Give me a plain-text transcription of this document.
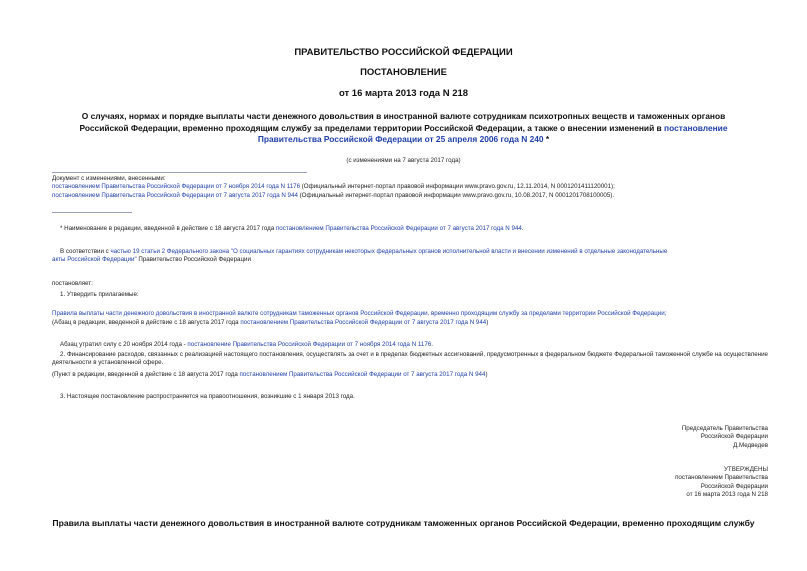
ПРАВИТЕЛЬСТВО РОССИЙСКОЙ ФЕДЕРАЦИИ
ПОСТАНОВЛЕНИЕ
от 16 марта 2013 года N 218
О случаях, нормах и порядке выплаты части денежного довольствия в иностранной валюте сотрудникам психотропных веществ и таможенных органов
Российской Федерации, временно проходящим службу за пределами территории Российской Федерации, а также о внесении изменений в постановление
Правительства Российской Федерации от 25 апреля 2006 года N 240 *
(с изменениями на 7 августа 2017 года)
Документ с изменениями, внесенными:
постановлением Правительства Российской Федерации от 7 ноября 2014 года N 1176 (Официальный интернет-портал правовой информации www.pravo.gov.ru, 12.11.2014, N 0001201411120001);
постановлением Правительства Российской Федерации от 7 августа 2017 года N 944 (Официальный интернет-портал правовой информации www.pravo.gov.ru, 10.08.2017, N 0001201708100005).
* Наименование в редакции, введенной в действие с 18 августа 2017 года постановлением Правительства Российской Федерации от 7 августа 2017 года N 944.
В соответствии с частью 19 статьи 2 Федерального закона "О социальных гарантиях сотрудникам некоторых федеральных органов исполнительной власти и внесении изменений в отдельные законодательные
акты Российской Федерации" Правительство Российской Федерации
постановляет:
1. Утвердить прилагаемые:
Правила выплаты части денежного довольствия в иностранной валюте сотрудникам таможенных органов Российской Федерации, временно проходящим службу за пределами территории Российской Федерации;
(Абзац в редакции, введенной в действие с 18 августа 2017 года постановлением Правительства Российской Федерации от 7 августа 2017 года N 944)
Абзац утратил силу с 20 ноября 2014 года - постановление Правительства Российской Федерации от 7 ноября 2014 года N 1176.
2. Финансирование расходов, связанных с реализацией настоящего постановления, осуществлять за счет и в пределах бюджетных ассигнований, предусмотренных в федеральном бюджете Федеральной таможенной службе на осуществление деятельности в установленной сфере.
(Пункт в редакции, введенной в действие с 18 августа 2017 года постановлением Правительства Российской Федерации от 7 августа 2017 года N 944)
3. Настоящее постановление распространяется на правоотношения, возникшие с 1 января 2013 года.
Председатель Правительства
Российской Федерации
Д.Медведев
УТВЕРЖДЕНЫ
постановлением Правительства
Российской Федерации
от 16 марта 2013 года N 218
Правила выплаты части денежного довольствия в иностранной валюте сотрудникам таможенных органов Российской Федерации, временно проходящим службу
